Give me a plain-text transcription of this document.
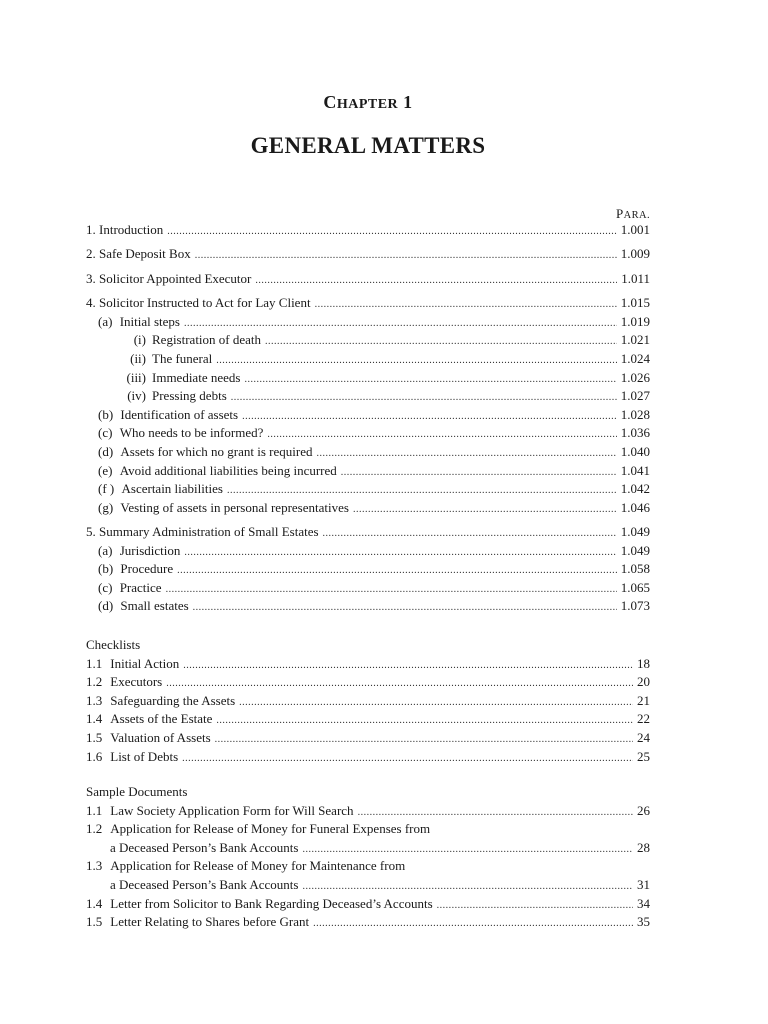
CHAPTER 1
GENERAL MATTERS
PARA.
1. Introduction .....	1.001
2. Safe Deposit Box .....	1.009
3. Solicitor Appointed Executor .....	1.011
4. Solicitor Instructed to Act for Lay Client .....	1.015
(a) Initial steps .....	1.019
(i) Registration of death .....	1.021
(ii) The funeral .....	1.024
(iii) Immediate needs .....	1.026
(iv) Pressing debts .....	1.027
(b) Identification of assets .....	1.028
(c) Who needs to be informed? .....	1.036
(d) Assets for which no grant is required .....	1.040
(e) Avoid additional liabilities being incurred .....	1.041
(f ) Ascertain liabilities .....	1.042
(g) Vesting of assets in personal representatives .....	1.046
5. Summary Administration of Small Estates .....	1.049
(a) Jurisdiction .....	1.049
(b) Procedure .....	1.058
(c) Practice .....	1.065
(d) Small estates .....	1.073
Checklists
1.1 Initial Action .....	18
1.2 Executors .....	20
1.3 Safeguarding the Assets .....	21
1.4 Assets of the Estate .....	22
1.5 Valuation of Assets .....	24
1.6 List of Debts .....	25
Sample Documents
1.1 Law Society Application Form for Will Search .....	26
1.2 Application for Release of Money for Funeral Expenses from
a Deceased Person’s Bank Accounts .....	28
1.3 Application for Release of Money for Maintenance from
a Deceased Person’s Bank Accounts .....	31
1.4 Letter from Solicitor to Bank Regarding Deceased’s Accounts .....	34
1.5 Letter Relating to Shares before Grant .....	35
